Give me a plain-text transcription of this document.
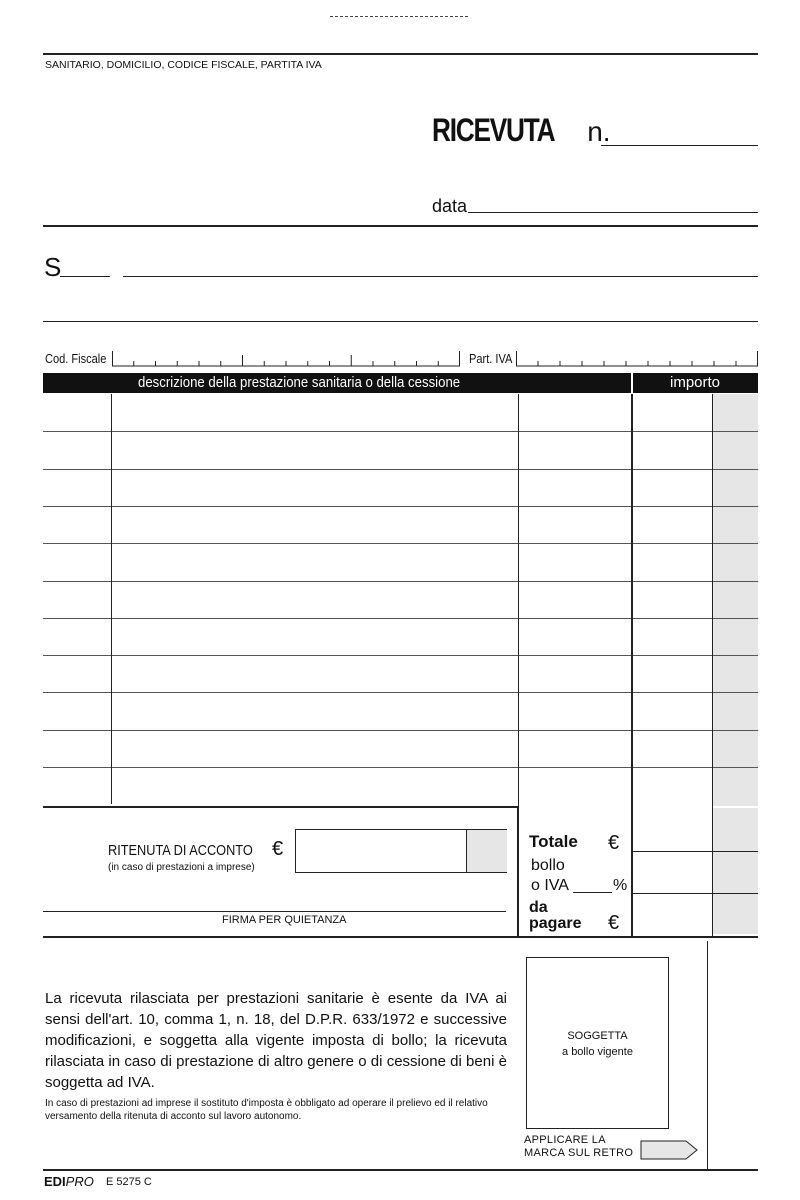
SANITARIO, DOMICILIO, CODICE FISCALE, PARTITA IVA
RICEVUTA n.
data
S
Cod. Fiscale	Part. IVA
descrizione della prestazione sanitaria o della cessione	importo
RITENUTA DI ACCONTO
(in caso di prestazioni a imprese)
€
FIRMA PER QUIETANZA
Totale €
bollo
o IVA	%
da
pagare €
La ricevuta rilasciata per prestazioni sanitarie è esente da IVA ai sensi dell'art. 10, comma 1, n. 18, del D.P.R. 633/1972 e successive modificazioni, e soggetta alla vigente imposta di bollo; la ricevuta rilasciata in caso di prestazione di altro genere o di cessione di beni è soggetta ad IVA.
In caso di prestazioni ad imprese il sostituto d'imposta è obbligato ad operare il prelievo ed il relativo versamento della ritenuta di acconto sul lavoro autonomo.
SOGGETTA
a bollo vigente
APPLICARE LA
MARCA SUL RETRO
EDIPRO E 5275 C
